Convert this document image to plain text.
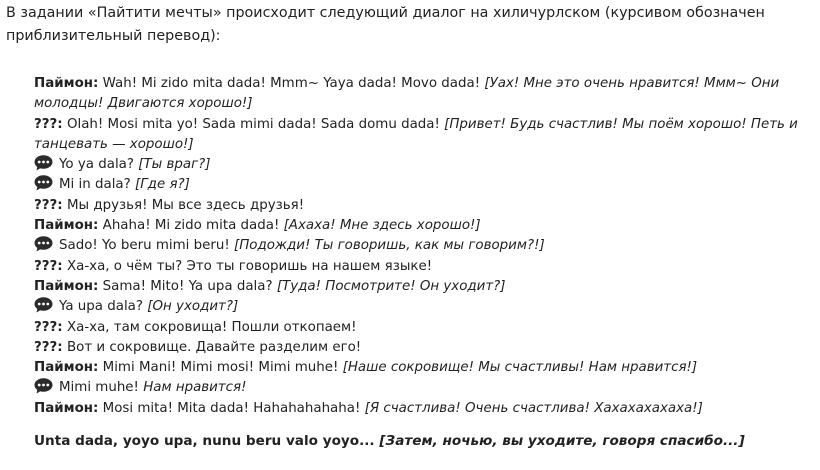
В задании «Пайтити мечты» происходит следующий диалог на хиличурлском (курсивом обозначен приблизительный перевод):
Паймон: Wah! Mi zido mita dada! Mmm~ Yaya dada! Movo dada! [Уах! Мне это очень нравится! Ммм~ Они молодцы! Двигаются хорошо!]
???: Olah! Mosi mita yo! Sada mimi dada! Sada domu dada! [Привет! Будь счастлив! Мы поём хорошо! Петь и танцевать — хорошо!]
Yo ya dala? [Ты враг?]
Mi in dala? [Где я?]
???: Мы друзья! Мы все здесь друзья!
Паймон: Ahaha! Mi zido mita dada! [Ахаха! Мне здесь хорошо!]
Sado! Yo beru mimi beru! [Подожди! Ты говоришь, как мы говорим?!]
???: Ха-ха, о чём ты? Это ты говоришь на нашем языке!
Паймон: Sama! Mito! Ya upa dala? [Туда! Посмотрите! Он уходит?]
Ya upa dala? [Он уходит?]
???: Ха-ха, там сокровища! Пошли откопаем!
???: Вот и сокровище. Давайте разделим его!
Паймон: Mimi Mani! Mimi mosi! Mimi muhe! [Наше сокровище! Мы счастливы! Нам нравится!]
Mimi muhe! Нам нравится!
Паймон: Mosi mita! Mita dada! Hahahahahaha! [Я счастлива! Очень счастлива! Хахахахахаха!]
Unta dada, yoyo upa, nunu beru valo yoyo... [Затем, ночью, вы уходите, говоря спасибо...]
